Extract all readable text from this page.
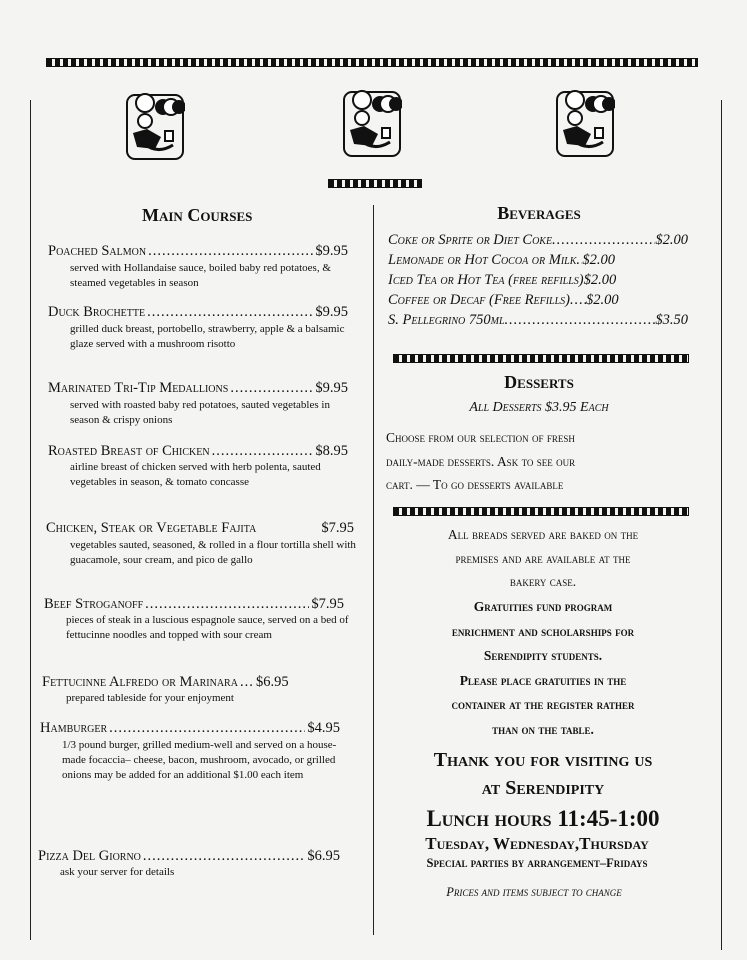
Main Courses
Poached Salmon .....	$9.95
served with Hollandaise sauce, boiled baby red potatoes, & steamed vegetables in season
Duck Brochette .....	$9.95
grilled duck breast, portobello, strawberry, apple & a balsamic glaze served with a mushroom risotto
Marinated Tri-Tip Medallions .....	$9.95
served with roasted baby red potatoes, sauted vegetables in season & crispy onions
Roasted Breast of Chicken .....	$8.95
airline breast of chicken served with herb polenta, sauted vegetables in season, & tomato concasse
Chicken, Steak or Vegetable Fajita	$7.95
vegetables sauted, seasoned, & rolled in a flour tortilla shell with guacamole, sour cream, and pico de gallo
Beef Stroganoff .....	$7.95
pieces of steak in a luscious espagnole sauce, served on a bed of fettucinne noodles and topped with sour cream
Fettucinne Alfredo or Marinara ..... $6.95
prepared tableside for your enjoyment
Hamburger .....	$4.95
1/3 pound burger, grilled medium-well and served on a house-made focaccia– cheese, bacon, mushroom, avocado, or grilled onions may be added for an additional $1.00 each item
Pizza Del Giorno .....	$6.95
ask your server for details
Beverages
Coke or Sprite or Diet Coke .....	$2.00
Lemonade or Hot Cocoa or Milk ..... $2.00
Iced Tea or Hot Tea (free refills) $2.00
Coffee or Decaf (Free Refills) ..... $2.00
S. Pellegrino 750ml .....	$3.50
Desserts
All Desserts $3.95 Each
Choose from our selection of fresh
daily-made desserts. Ask to see our
cart. — To go desserts available
All breads served are baked on the
premises and are available at the
bakery case.
Gratuities fund program
enrichment and scholarships for
Serendipity students.
Please place gratuities in the
container at the register rather
than on the table.
Thank you for visiting us
at Serendipity
Lunch hours 11:45-1:00
Tuesday, Wednesday,Thursday
Special parties by arrangement–Fridays
Prices and items subject to change
